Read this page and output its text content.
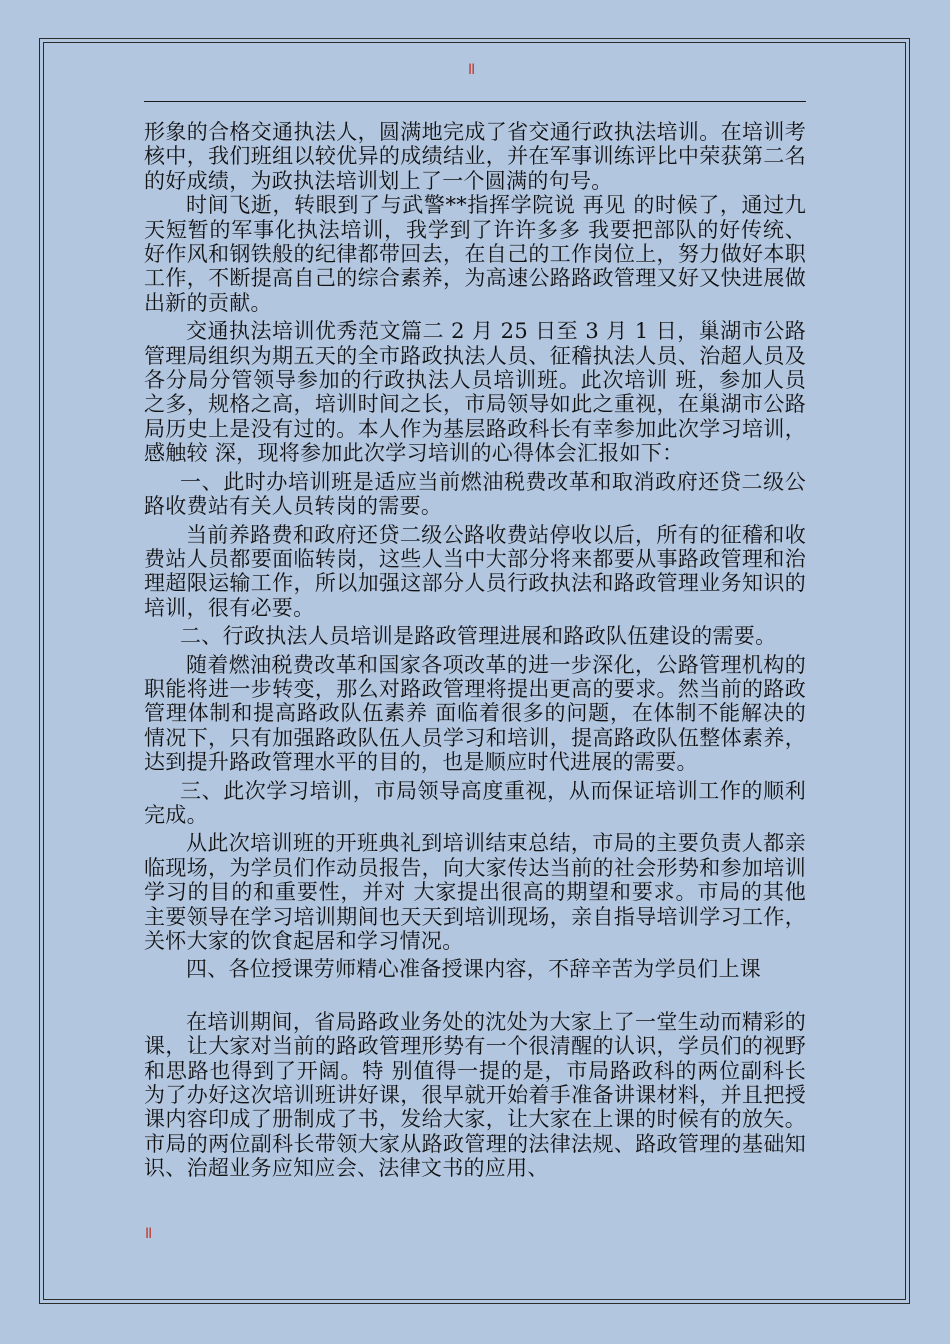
II

形象的合格交通执法人，圆满地完成了省交通行政执法培训。在培训考核中，我们班组以较优异的成绩结业，并在军事训练评比中荣获第二名的好成绩，为政执法培训划上了一个圆满的句号。

时间飞逝，转眼到了与武警**指挥学院说 再见 的时候了，通过九天短暂的军事化执法培训，我学到了许许多多 我要把部队的好传统、好作风和钢铁般的纪律都带回去，在自己的工作岗位上，努力做好本职工作，不断提高自己的综合素养，为高速公路路政管理又好又快进展做出新的贡献。

交通执法培训优秀范文篇二 2 月 25 日至 3 月 1 日，巢湖市公路管理局组织为期五天的全市路政执法人员、征稽执法人员、治超人员及各分局分管领导参加的行政执法人员培训班。此次培训 班，参加人员之多，规格之高，培训时间之长，市局领导如此之重视，在巢湖市公路局历史上是没有过的。本人作为基层路政科长有幸参加此次学习培训，感触较 深，现将参加此次学习培训的心得体会汇报如下：

一、此时办培训班是适应当前燃油税费改革和取消政府还贷二级公路收费站有关人员转岗的需要。

当前养路费和政府还贷二级公路收费站停收以后，所有的征稽和收费站人员都要面临转岗，这些人当中大部分将来都要从事路政管理和治理超限运输工作，所以加强这部分人员行政执法和路政管理业务知识的培训，很有必要。

二、行政执法人员培训是路政管理进展和路政队伍建设的需要。

随着燃油税费改革和国家各项改革的进一步深化，公路管理机构的职能将进一步转变，那么对路政管理将提出更高的要求。然当前的路政管理体制和提高路政队伍素养 面临着很多的问题，在体制不能解决的情况下，只有加强路政队伍人员学习和培训，提高路政队伍整体素养，达到提升路政管理水平的目的，也是顺应时代进展的需要。

三、此次学习培训，市局领导高度重视，从而保证培训工作的顺利完成。

从此次培训班的开班典礼到培训结束总结，市局的主要负责人都亲临现场，为学员们作动员报告，向大家传达当前的社会形势和参加培训学习的目的和重要性，并对 大家提出很高的期望和要求。市局的其他主要领导在学习培训期间也天天到培训现场，亲自指导培训学习工作，关怀大家的饮食起居和学习情况。

四、各位授课劳师精心准备授课内容，不辞辛苦为学员们上课

在培训期间，省局路政业务处的沈处为大家上了一堂生动而精彩的课，让大家对当前的路政管理形势有一个很清醒的认识，学员们的视野和思路也得到了开阔。特 别值得一提的是，市局路政科的两位副科长为了办好这次培训班讲好课，很早就开始着手准备讲课材料，并且把授课内容印成了册制成了书，发给大家，让大家在上课的时候有的放矢。市局的两位副科长带领大家从路政管理的法律法规、路政管理的基础知识、治超业务应知应会、法律文书的应用、

II
